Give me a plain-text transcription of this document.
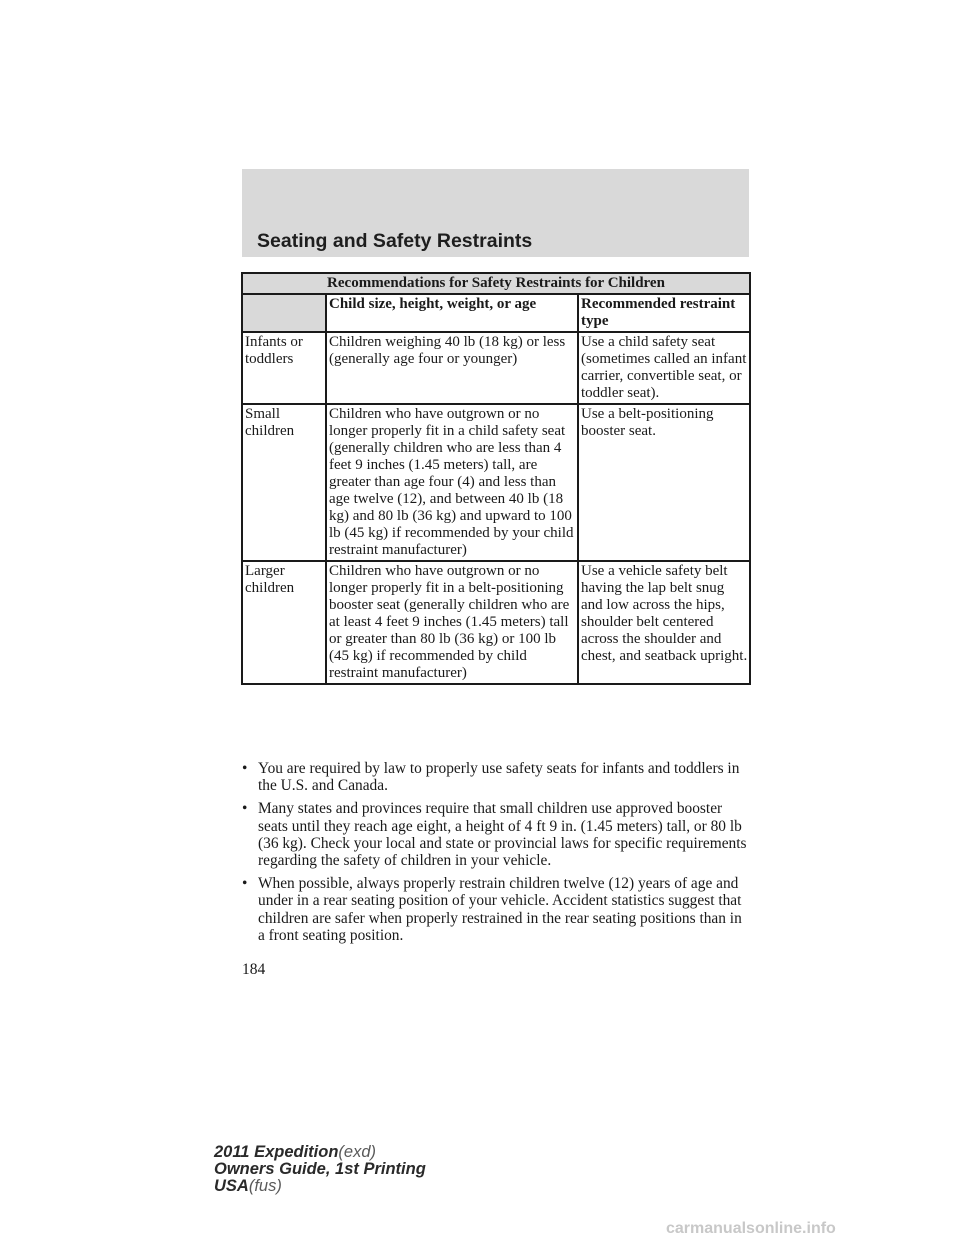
Seating and Safety Restraints
Recommendations for Safety Restraints for Children		
	Child size, height, weight, or age	Recommended restraint type
Infants or toddlers	Children weighing 40 lb (18 kg) or less (generally age four or younger)	Use a child safety seat (sometimes called an infant carrier, convertible seat, or toddler seat).
Small children	Children who have outgrown or no longer properly fit in a child safety seat (generally children who are less than 4 feet 9 inches (1.45 meters) tall, are greater than age four (4) and less than age twelve (12), and between 40 lb (18 kg) and 80 lb (36 kg) and upward to 100 lb (45 kg) if recommended by your child restraint manufacturer)	Use a belt-positioning booster seat.
Larger children	Children who have outgrown or no longer properly fit in a belt-positioning booster seat (generally children who are at least 4 feet 9 inches (1.45 meters) tall or greater than 80 lb (36 kg) or 100 lb (45 kg) if recommended by child restraint manufacturer)	Use a vehicle safety belt having the lap belt snug and low across the hips, shoulder belt centered across the shoulder and chest, and seatback upright.
• You are required by law to properly use safety seats for infants and toddlers in the U.S. and Canada.
• Many states and provinces require that small children use approved booster seats until they reach age eight, a height of 4 ft 9 in. (1.45 meters) tall, or 80 lb (36 kg). Check your local and state or provincial laws for specific requirements regarding the safety of children in your vehicle.
• When possible, always properly restrain children twelve (12) years of age and under in a rear seating position of your vehicle. Accident statistics suggest that children are safer when properly restrained in the rear seating positions than in a front seating position.
184
2011 Expedition(exd)
Owners Guide, 1st Printing
USA(fus)
carmanualsonline.info
